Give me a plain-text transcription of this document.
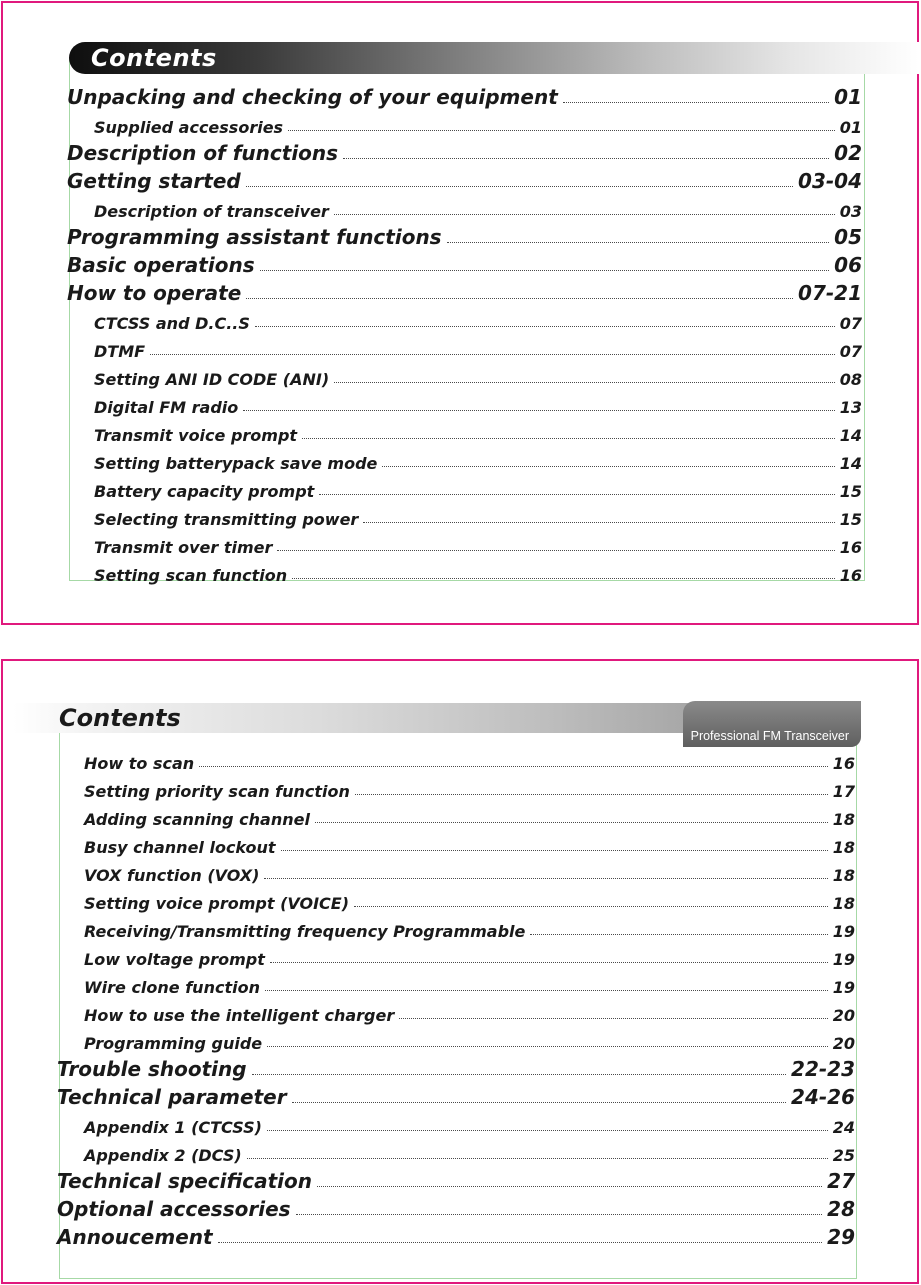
Contents
Unpacking and checking of your equipment	01
Supplied accessories	01
Description of functions	02
Getting started	03-04
Description of transceiver	03
Programming assistant functions	05
Basic operations	06
How to operate	07-21
CTCSS and D.C..S	07
DTMF	07
Setting ANI ID CODE (ANI)	08
Digital FM radio	13
Transmit voice prompt	14
Setting batterypack save mode	14
Battery capacity prompt	15
Selecting transmitting power	15
Transmit over timer	16
Setting scan function	16
Contents
Professional FM Transceiver
How to scan	16
Setting priority scan function	17
Adding scanning channel	18
Busy channel lockout	18
VOX function (VOX)	18
Setting voice prompt (VOICE)	18
Receiving/Transmitting frequency Programmable	19
Low voltage prompt	19
Wire clone function	19
How to use the intelligent charger	20
Programming guide	20
Trouble shooting	22-23
Technical parameter	24-26
Appendix 1 (CTCSS)	24
Appendix 2 (DCS)	25
Technical specification	27
Optional accessories	28
Annoucement	29
